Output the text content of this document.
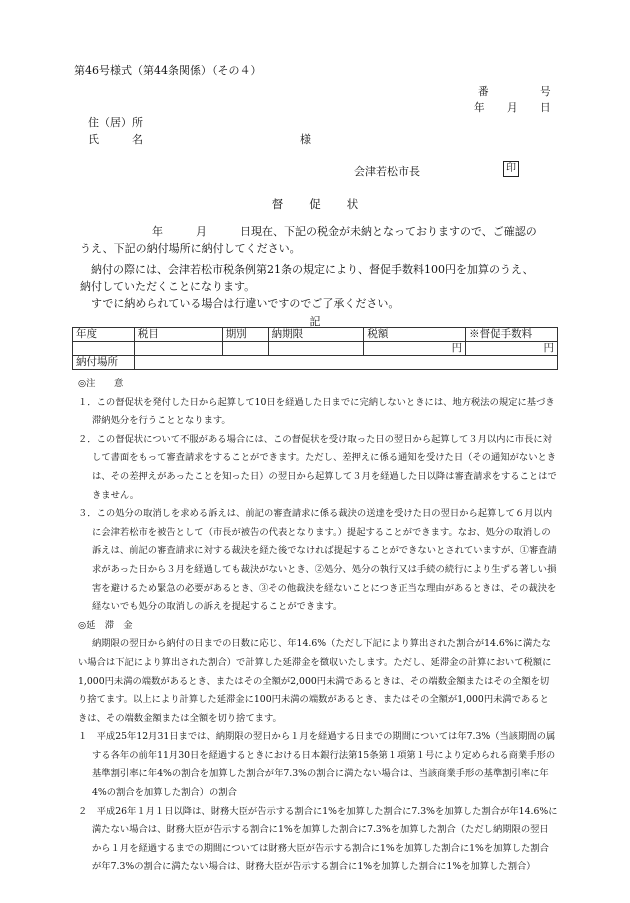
第46号様式（第44条関係）（その４）
番	号
年 月 日
住（居）所
氏　　　名	様
会津若松市長	印
督 促 状
年　　　月　　　日現在、下記の税金が未納となっておりますので、ご確認の
うえ、下記の納付場所に納付してください。
納付の際には、会津若松市税条例第21条の規定により、督促手数料100円を加算のうえ、
納付していただくことになります。
すでに納められている場合は行違いですのでご了承ください。
記
年度	税目	期別	納期限	税額	※督促手数料
				円	円
納付場所					

◎注　　意

１．この督促状を発付した日から起算して10日を経過した日までに完納しないときには、地方税法の規定に基づき滞納処分を行うこととなります。

２．この督促状について不服がある場合には、この督促状を受け取った日の翌日から起算して３月以内に市長に対して書面をもって審査請求をすることができます。ただし、差押えに係る通知を受けた日（その通知がないときは、その差押えがあったことを知った日）の翌日から起算して３月を経過した日以降は審査請求をすることはできません。

３．この処分の取消しを求める訴えは、前記の審査請求に係る裁決の送達を受けた日の翌日から起算して６月以内に会津若松市を被告として（市長が被告の代表となります。）提起することができます。なお、処分の取消しの訴えは、前記の審査請求に対する裁決を経た後でなければ提起することができないとされていますが、①審査請求があった日から３月を経過しても裁決がないとき、②処分、処分の執行又は手続の続行により生ずる著しい損害を避けるため緊急の必要があるとき、③その他裁決を経ないことにつき正当な理由があるときは、その裁決を経ないでも処分の取消しの訴えを提起することができます。

◎延　滞　金

納期限の翌日から納付の日までの日数に応じ、年14.6%（ただし下記により算出された割合が14.6%に満たない場合は下記により算出された割合）で計算した延滞金を徴収いたします。ただし、延滞金の計算において税額に1,000円未満の端数があるとき、またはその全額が2,000円未満であるときは、その端数金額またはその全額を切り捨てます。以上により計算した延滞金に100円未満の端数があるとき、またはその全額が1,000円未満であるときは、その端数金額または全額を切り捨てます。

１　平成25年12月31日までは、納期限の翌日から１月を経過する日までの期間については年7.3%（当該期間の属する各年の前年11月30日を経過するときにおける日本銀行法第15条第１項第１号により定められる商業手形の基準割引率に年4%の割合を加算した割合が年7.3%の割合に満たない場合は、当該商業手形の基準割引率に年4%の割合を加算した割合）の割合

２　平成26年１月１日以降は、財務大臣が告示する割合に1%を加算した割合に7.3%を加算した割合が年14.6%に満たない場合は、財務大臣が告示する割合に1%を加算した割合に7.3%を加算した割合（ただし納期限の翌日から１月を経過するまでの期間については財務大臣が告示する割合に1%を加算した割合に1%を加算した割合が年7.3%の割合に満たない場合は、財務大臣が告示する割合に1%を加算した割合に1%を加算した割合）
